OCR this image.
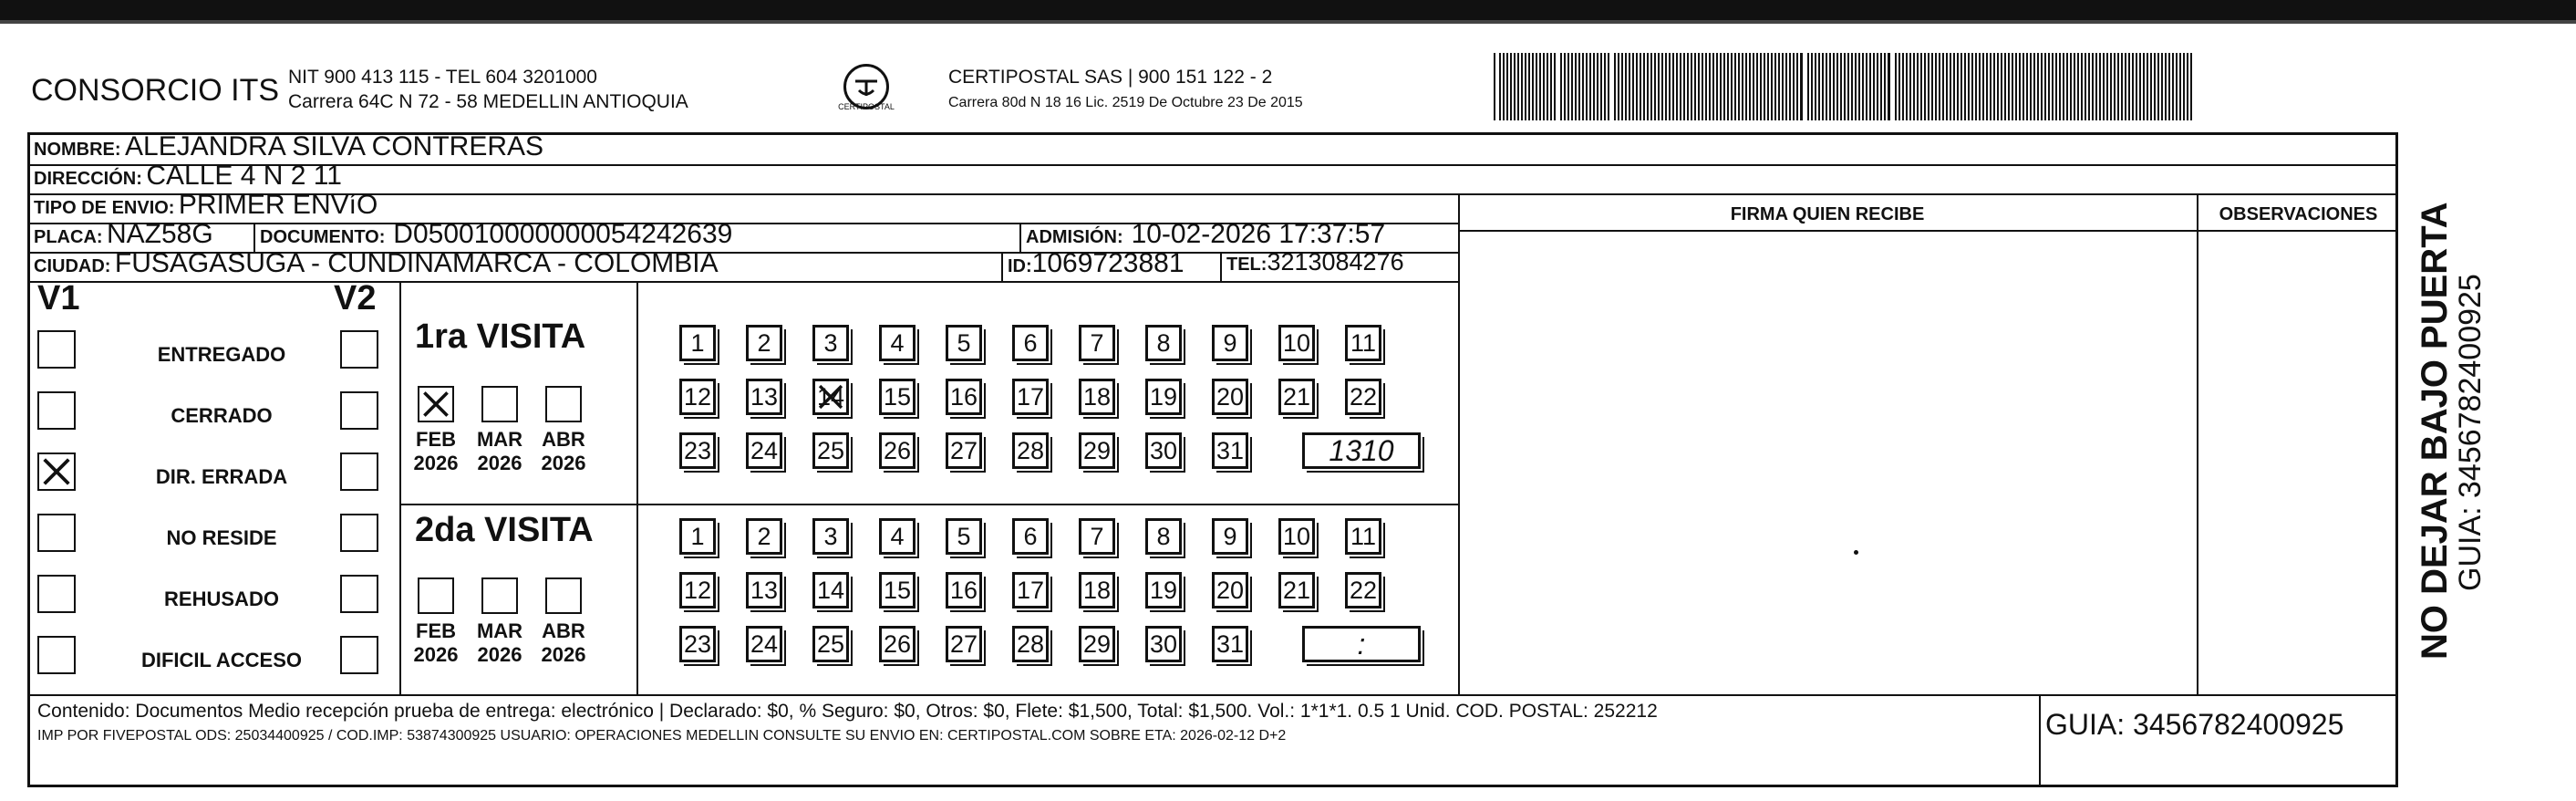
CONSORCIO ITS NIT 900 413 115 - TEL 604 3201000
Carrera 64C N 72 - 58 MEDELLIN ANTIOQUIA	CERTIPOSTAL
CERTIPOSTAL SAS | 900 151 122 - 2
Carrera 80d N 18 16 Lic. 2519 De Octubre 23 De 2015
NOMBRE: ALEJANDRA SILVA CONTRERAS
DIRECCIÓN: CALLE 4 N 2 11
TIPO DE ENVIO: PRIMER ENVíO
PLACA: NAZ58G	DOCUMENTO: D050010000000054242639	ADMISIÓN: 10-02-2026 17:37:57
CIUDAD: FUSAGASUGA - CUNDINAMARCA - COLOMBIA	ID:1069723881 TEL:3213084276
FIRMA QUIEN RECIBE	OBSERVACIONES
V1	V2
ENTREGADO
CERRADO
DIR. ERRADA
NO RESIDE
REHUSADO
DIFICIL ACCESO
1ra VISITA
2da VISITA
FEB
2026
MAR
2026
ABR
2026
FEB
2026
MAR
2026
ABR
2026
1 2 3 4 5 6 7 8 9 10 11
12 13 14 15 16 17 18 19 20 21 22
23 24 25 26 27 28 29 30 31	1310
1 2 3 4 5 6 7 8 9 10 11
12 13 14 15 16 17 18 19 20 21 22
23 24 25 26 27 28 29 30 31	:
Contenido: Documentos Medio recepción prueba de entrega: electrónico | Declarado: $0, % Seguro: $0, Otros: $0, Flete: $1,500, Total: $1,500. Vol.: 1*1*1. 0.5 1 Unid. COD. POSTAL: 252212
IMP POR FIVEPOSTAL ODS: 25034400925 / COD.IMP: 53874300925 USUARIO: OPERACIONES MEDELLIN CONSULTE SU ENVIO EN: CERTIPOSTAL.COM SOBRE ETA: 2026-02-12 D+2	GUIA: 3456782400925
NO DEJAR BAJO PUERTA
GUIA: 3456782400925
